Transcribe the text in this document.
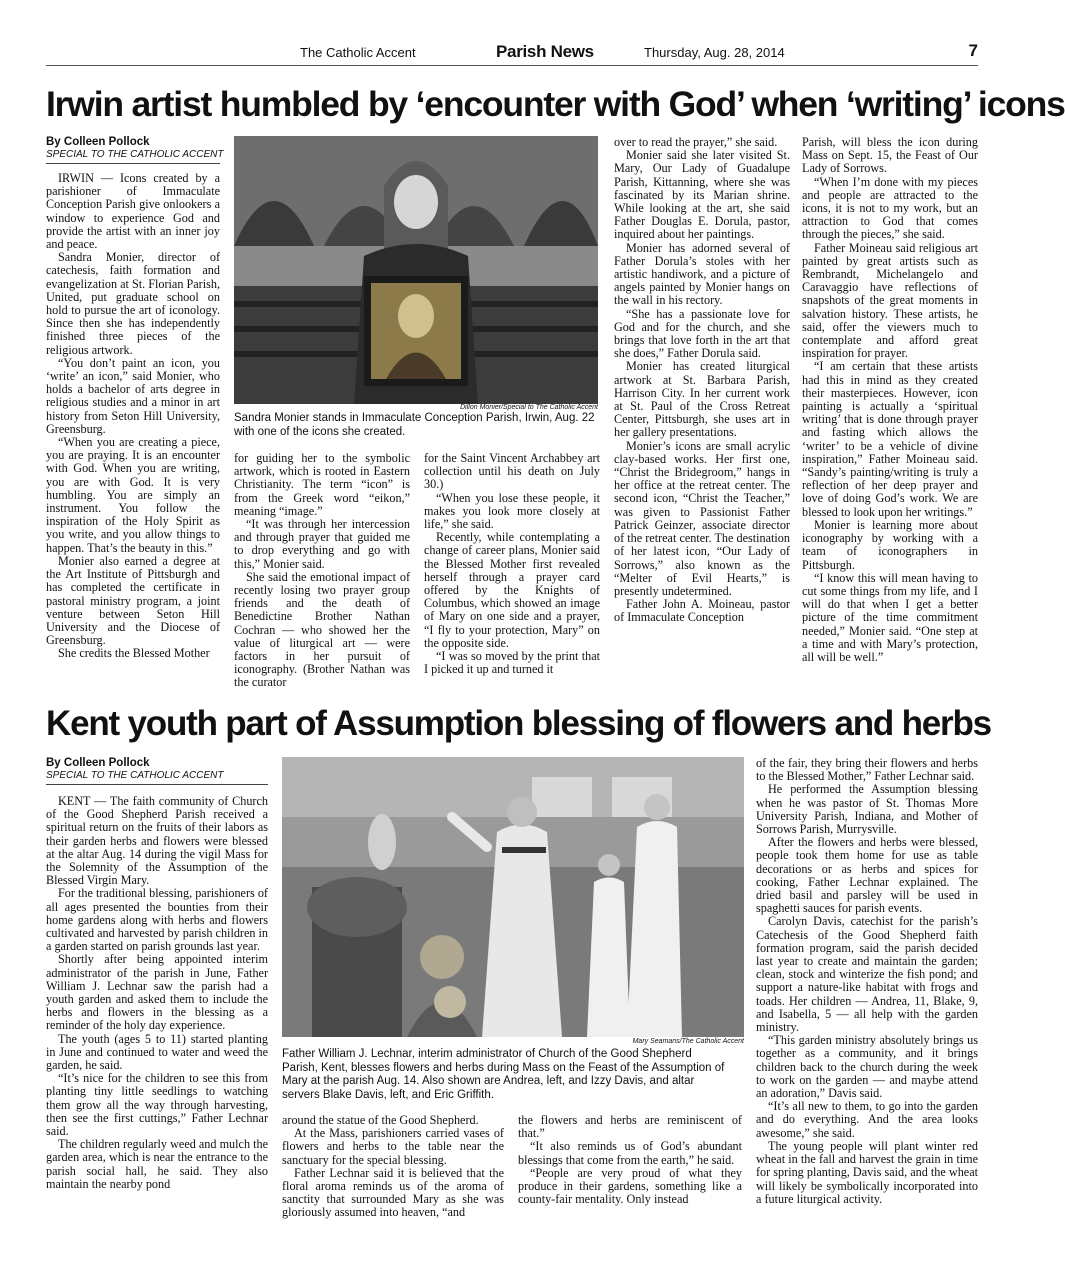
The Catholic Accent	Parish News	Thursday, Aug. 28, 2014	7
Irwin artist humbled by ‘encounter with God’ when ‘writing’ icons
By Colleen Pollock
SPECIAL TO THE CATHOLIC ACCENT

IRWIN — Icons created by a parishioner of Immaculate Conception Parish give onlookers a window to experience God and provide the artist with an inner joy and peace.

Sandra Monier, director of catechesis, faith formation and evangelization at St. Florian Parish, United, put graduate school on hold to pursue the art of iconology. Since then she has independently finished three pieces of the religious artwork.

“You don’t paint an icon, you ‘write’ an icon,” said Monier, who holds a bachelor of arts degree in religious studies and a minor in art history from Seton Hill University, Greensburg.

“When you are creating a piece, you are praying. It is an encounter with God. When you are writing, you are with God. It is very humbling. You are simply an instrument. You follow the inspiration of the Holy Spirit as you write, and you allow things to happen. That’s the beauty in this.”

Monier also earned a degree at the Art Institute of Pittsburgh and has completed the certificate in pastoral ministry program, a joint venture between Seton Hill University and the Diocese of Greensburg.

She credits the Blessed Mother

Dillon Monier/Special to The Catholic Accent
Sandra Monier stands in Immaculate Conception Parish, Irwin, Aug. 22 with one of the icons she created.

for guiding her to the symbolic artwork, which is rooted in Eastern Christianity. The term “icon” is from the Greek word “eikon,” meaning “image.”

“It was through her intercession and through prayer that guided me to drop everything and go with this,” Monier said.

She said the emotional impact of recently losing two prayer group friends and the death of Benedictine Brother Nathan Cochran — who showed her the value of liturgical art — were factors in her pursuit of iconography. (Brother Nathan was the curator

for the Saint Vincent Archabbey art collection until his death on July 30.)

“When you lose these people, it makes you look more closely at life,” she said.

Recently, while contemplating a change of career plans, Monier said the Blessed Mother first revealed herself through a prayer card offered by the Knights of Columbus, which showed an image of Mary on one side and a prayer, “I fly to your protection, Mary” on the opposite side.

“I was so moved by the print that I picked it up and turned it

over to read the prayer,” she said.

Monier said she later visited St. Mary, Our Lady of Guadalupe Parish, Kittanning, where she was fascinated by its Marian shrine. While looking at the art, she said Father Douglas E. Dorula, pastor, inquired about her paintings.

Monier has adorned several of Father Dorula’s stoles with her artistic handiwork, and a picture of angels painted by Monier hangs on the wall in his rectory.

“She has a passionate love for God and for the church, and she brings that love forth in the art that she does,” Father Dorula said.

Monier has created liturgical artwork at St. Barbara Parish, Harrison City. In her current work at St. Paul of the Cross Retreat Center, Pittsburgh, she uses art in her gallery presentations.

Monier’s icons are small acrylic clay-based works. Her first one, “Christ the Bridegroom,” hangs in her office at the retreat center. The second icon, “Christ the Teacher,” was given to Passionist Father Patrick Geinzer, associate director of the retreat center. The destination of her latest icon, “Our Lady of Sorrows,” also known as the “Melter of Evil Hearts,” is presently undetermined.

Father John A. Moineau, pastor of Immaculate Conception

Parish, will bless the icon during Mass on Sept. 15, the Feast of Our Lady of Sorrows.

“When I’m done with my pieces and people are attracted to the icons, it is not to my work, but an attraction to God that comes through the pieces,” she said.

Father Moineau said religious art painted by great artists such as Rembrandt, Michelangelo and Caravaggio have reflections of snapshots of the great moments in salvation history. These artists, he said, offer the viewers much to contemplate and afford great inspiration for prayer.

“I am certain that these artists had this in mind as they created their masterpieces. However, icon painting is actually a ‘spiritual writing’ that is done through prayer and fasting which allows the ‘writer’ to be a vehicle of divine inspiration,” Father Moineau said. “Sandy’s painting/writing is truly a reflection of her deep prayer and love of doing God’s work. We are blessed to look upon her writings.”

Monier is learning more about iconography by working with a team of iconographers in Pittsburgh.

“I know this will mean having to cut some things from my life, and I will do that when I get a better picture of the time commitment needed,” Monier said. “One step at a time and with Mary’s protection, all will be well.”

Kent youth part of Assumption blessing of flowers and herbs
By Colleen Pollock
SPECIAL TO THE CATHOLIC ACCENT

KENT — The faith community of Church of the Good Shepherd Parish received a spiritual return on the fruits of their labors as their garden herbs and flowers were blessed at the altar Aug. 14 during the vigil Mass for the Solemnity of the Assumption of the Blessed Virgin Mary.

For the traditional blessing, parishioners of all ages presented the bounties from their home gardens along with herbs and flowers cultivated and harvested by parish children in a garden started on parish grounds last year.

Shortly after being appointed interim administrator of the parish in June, Father William J. Lechnar saw the parish had a youth garden and asked them to include the herbs and flowers in the blessing as a reminder of the holy day experience.

The youth (ages 5 to 11) started planting in June and continued to water and weed the garden, he said.

“It’s nice for the children to see this from planting tiny little seedlings to watching them grow all the way through harvesting, then see the first cuttings,” Father Lechnar said.

The children regularly weed and mulch the garden area, which is near the entrance to the parish social hall, he said. They also maintain the nearby pond

Mary Seamans/The Catholic Accent
Father William J. Lechnar, interim administrator of Church of the Good Shepherd Parish, Kent, blesses flowers and herbs during Mass on the Feast of the Assumption of Mary at the parish Aug. 14. Also shown are Andrea, left, and Izzy Davis, and altar servers Blake Davis, left, and Eric Griffith.

around the statue of the Good Shepherd.

At the Mass, parishioners carried vases of flowers and herbs to the table near the sanctuary for the special blessing.

Father Lechnar said it is believed that the floral aroma reminds us of the aroma of sanctity that surrounded Mary as she was gloriously assumed into heaven, “and

the flowers and herbs are reminiscent of that.”

“It also reminds us of God’s abundant blessings that come from the earth,” he said.

“People are very proud of what they produce in their gardens, something like a county-fair mentality. Only instead

of the fair, they bring their flowers and herbs to the Blessed Mother,” Father Lechnar said.

He performed the Assumption blessing when he was pastor of St. Thomas More University Parish, Indiana, and Mother of Sorrows Parish, Murrysville.

After the flowers and herbs were blessed, people took them home for use as table decorations or as herbs and spices for cooking, Father Lechnar explained. The dried basil and parsley will be used in spaghetti sauces for parish events.

Carolyn Davis, catechist for the parish’s Catechesis of the Good Shepherd faith formation program, said the parish decided last year to create and maintain the garden; clean, stock and winterize the fish pond; and support a nature-like habitat with frogs and toads. Her children — Andrea, 11, Blake, 9, and Isabella, 5 — all help with the garden ministry.

“This garden ministry absolutely brings us together as a community, and it brings children back to the church during the week to work on the garden — and maybe attend an adoration,” Davis said.

“It’s all new to them, to go into the garden and do everything. And the area looks awesome,” she said.

The young people will plant winter red wheat in the fall and harvest the grain in time for spring planting, Davis said, and the wheat will likely be symbolically incorporated into a future liturgical activity.
